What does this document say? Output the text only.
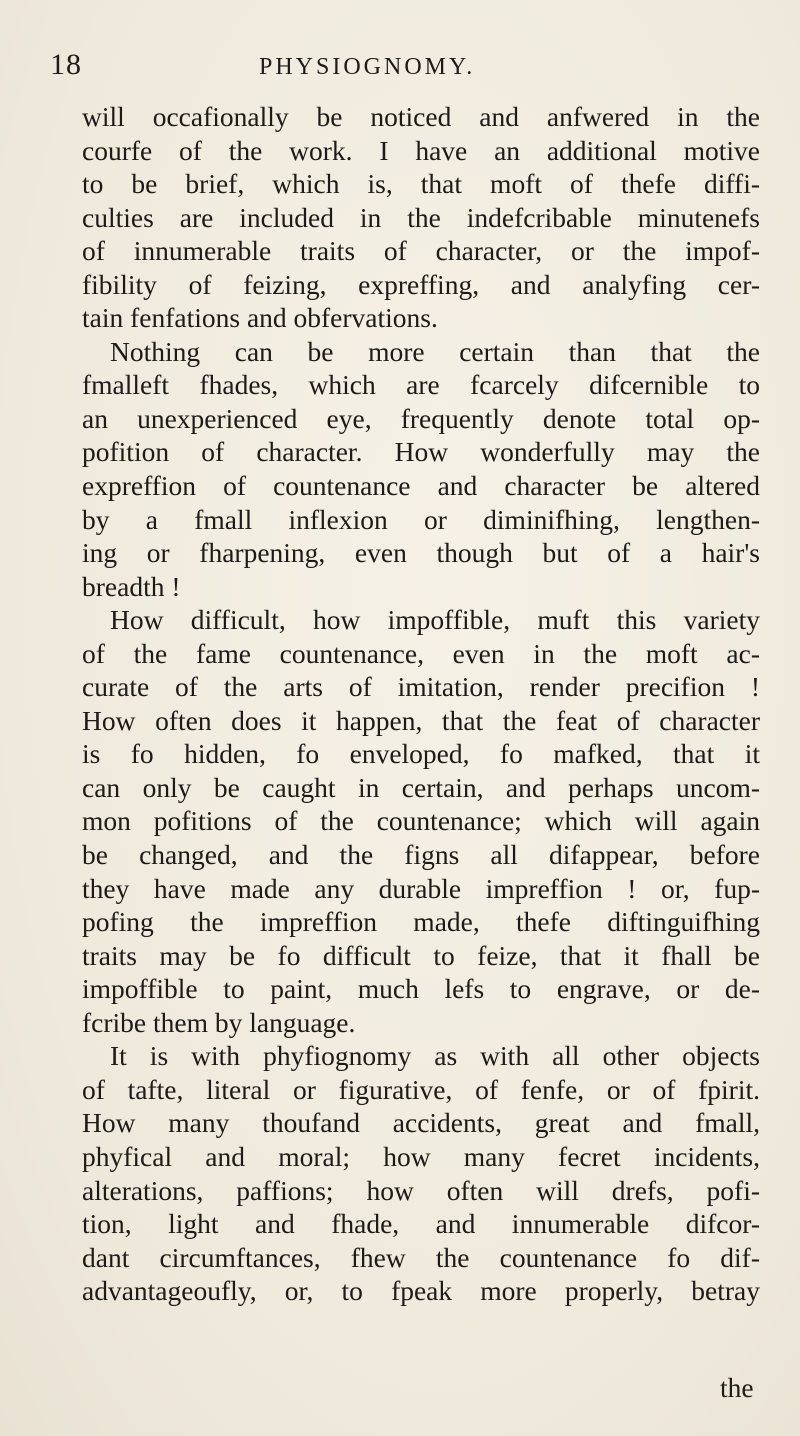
18	PHYSIOGNOMY.
will occafionally be noticed and anfwered in the
courfe of the work. I have an additional motive
to be brief, which is, that moft of thefe diffi-
culties are included in the indefcribable minutenefs
of innumerable traits of character, or the impof-
fibility of feizing, expreffing, and analyfing cer-
tain fenfations and obfervations.
Nothing can be more certain than that the
fmalleft fhades, which are fcarcely difcernible to
an unexperienced eye, frequently denote total op-
pofition of character. How wonderfully may the
expreffion of countenance and character be altered
by a fmall inflexion or diminifhing, lengthen-
ing or fharpening, even though but of a hair's
breadth !
How difficult, how impoffible, muft this variety
of the fame countenance, even in the moft ac-
curate of the arts of imitation, render precifion !
How often does it happen, that the feat of character
is fo hidden, fo enveloped, fo mafked, that it
can only be caught in certain, and perhaps uncom-
mon pofitions of the countenance; which will again
be changed, and the figns all difappear, before
they have made any durable impreffion ! or, fup-
pofing the impreffion made, thefe diftinguifhing
traits may be fo difficult to feize, that it fhall be
impoffible to paint, much lefs to engrave, or de-
fcribe them by language.
It is with phyfiognomy as with all other objects
of tafte, literal or figurative, of fenfe, or of fpirit.
How many thoufand accidents, great and fmall,
phyfical and moral; how many fecret incidents,
alterations, paffions; how often will drefs, pofi-
tion, light and fhade, and innumerable difcor-
dant circumftances, fhew the countenance fo dif-
advantageoufly, or, to fpeak more properly, betray
the
